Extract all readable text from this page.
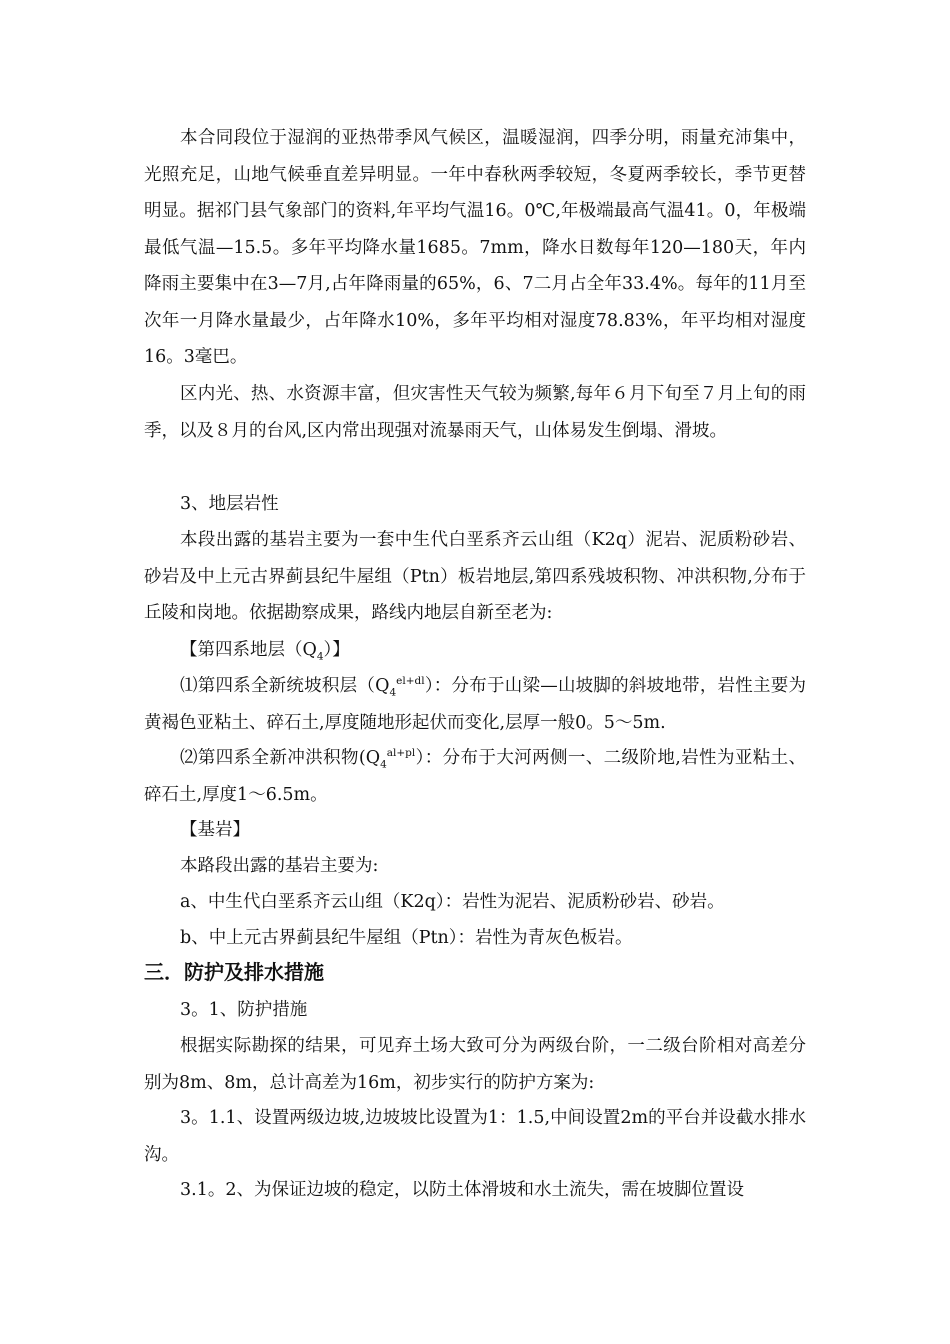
本合同段位于湿润的亚热带季风气候区，温暖湿润，四季分明，雨量充沛集中，光照充足，山地气候垂直差异明显。一年中春秋两季较短，冬夏两季较长，季节更替明显。据祁门县气象部门的资料,年平均气温16。0℃,年极端最高气温41。0，年极端最低气温—15.5。多年平均降水量1685。7mm，降水日数每年120—180天，年内降雨主要集中在3—7月,占年降雨量的65%，6、7二月占全年33.4%。每年的11月至次年一月降水量最少，占年降水10%，多年平均相对湿度78.83%，年平均相对湿度16。3毫巴。

区内光、热、水资源丰富，但灾害性天气较为频繁,每年６月下旬至７月上旬的雨季，以及８月的台风,区内常出现强对流暴雨天气，山体易发生倒塌、滑坡。

3、地层岩性

本段出露的基岩主要为一套中生代白垩系齐云山组（K2q）泥岩、泥质粉砂岩、砂岩及中上元古界蓟县纪牛屋组（Ptn）板岩地层,第四系残坡积物、冲洪积物,分布于丘陵和岗地。依据勘察成果，路线内地层自新至老为:

【第四系地层$(Q_4)$】

⑴第四系全新统坡积层$(Q_4^{el+dl})$：分布于山梁—山坡脚的斜坡地带，岩性主要为黄褐色亚粘土、碎石土,厚度随地形起伏而变化,层厚一般0。5～5m.

⑵第四系全新冲洪积物$(Q_4^{al+pl})$：分布于大河两侧一、二级阶地,岩性为亚粘土、碎石土,厚度1～6.5m。

【基岩】

本路段出露的基岩主要为:

a、中生代白垩系齐云山组（K2q）：岩性为泥岩、泥质粉砂岩、砂岩。

b、中上元古界蓟县纪牛屋组（Ptn）：岩性为青灰色板岩。

三．防护及排水措施

3。1、防护措施

根据实际勘探的结果，可见弃土场大致可分为两级台阶，一二级台阶相对高差分别为8m、8m，总计高差为16m，初步实行的防护方案为:

3。1.1、设置两级边坡,边坡坡比设置为1：1.5,中间设置2m的平台并设截水排水沟。

3.1。2、为保证边坡的稳定，以防土体滑坡和水土流失，需在坡脚位置设
